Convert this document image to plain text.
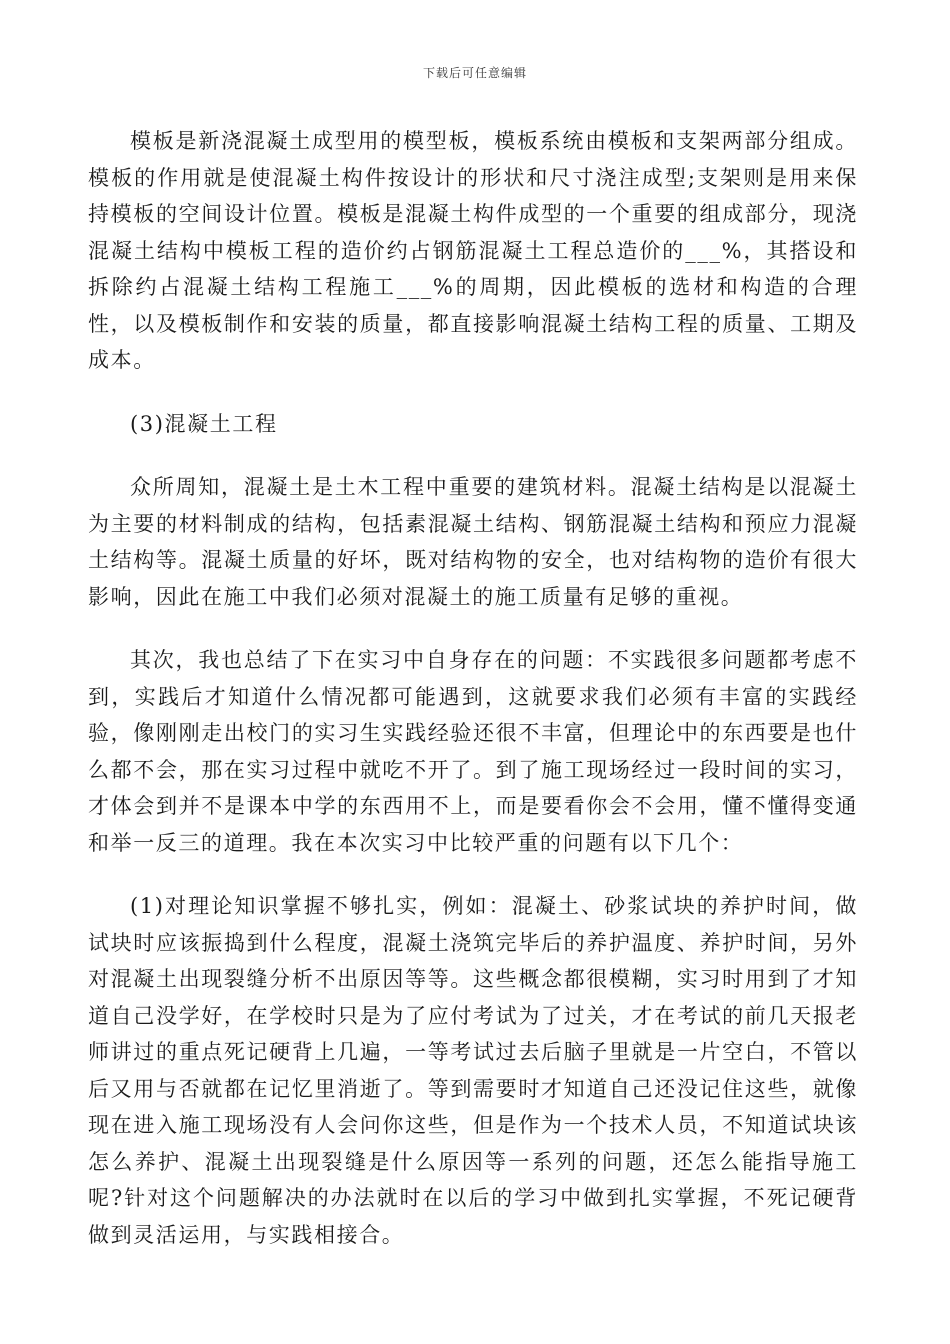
下载后可任意编辑

模板是新浇混凝土成型用的模型板，模板系统由模板和支架两部分组成。模板的作用就是使混凝土构件按设计的形状和尺寸浇注成型;支架则是用来保持模板的空间设计位置。模板是混凝土构件成型的一个重要的组成部分，现浇混凝土结构中模板工程的造价约占钢筋混凝土工程总造价的___%，其搭设和拆除约占混凝土结构工程施工___%的周期，因此模板的选材和构造的合理性，以及模板制作和安装的质量，都直接影响混凝土结构工程的质量、工期及成本。

(3)混凝土工程

众所周知，混凝土是土木工程中重要的建筑材料。混凝土结构是以混凝土为主要的材料制成的结构，包括素混凝土结构、钢筋混凝土结构和预应力混凝土结构等。混凝土质量的好坏，既对结构物的安全，也对结构物的造价有很大影响，因此在施工中我们必须对混凝土的施工质量有足够的重视。

其次，我也总结了下在实习中自身存在的问题：不实践很多问题都考虑不到，实践后才知道什么情况都可能遇到，这就要求我们必须有丰富的实践经验，像刚刚走出校门的实习生实践经验还很不丰富，但理论中的东西要是也什么都不会，那在实习过程中就吃不开了。到了施工现场经过一段时间的实习，才体会到并不是课本中学的东西用不上，而是要看你会不会用，懂不懂得变通和举一反三的道理。我在本次实习中比较严重的问题有以下几个：

(1)对理论知识掌握不够扎实，例如：混凝土、砂浆试块的养护时间，做试块时应该振捣到什么程度，混凝土浇筑完毕后的养护温度、养护时间，另外对混凝土出现裂缝分析不出原因等等。这些概念都很模糊，实习时用到了才知道自己没学好，在学校时只是为了应付考试为了过关，才在考试的前几天报老师讲过的重点死记硬背上几遍，一等考试过去后脑子里就是一片空白，不管以后又用与否就都在记忆里消逝了。等到需要时才知道自己还没记住这些，就像现在进入施工现场没有人会问你这些，但是作为一个技术人员，不知道试块该怎么养护、混凝土出现裂缝是什么原因等一系列的问题，还怎么能指导施工呢?针对这个问题解决的办法就时在以后的学习中做到扎实掌握，不死记硬背做到灵活运用，与实践相接合。
